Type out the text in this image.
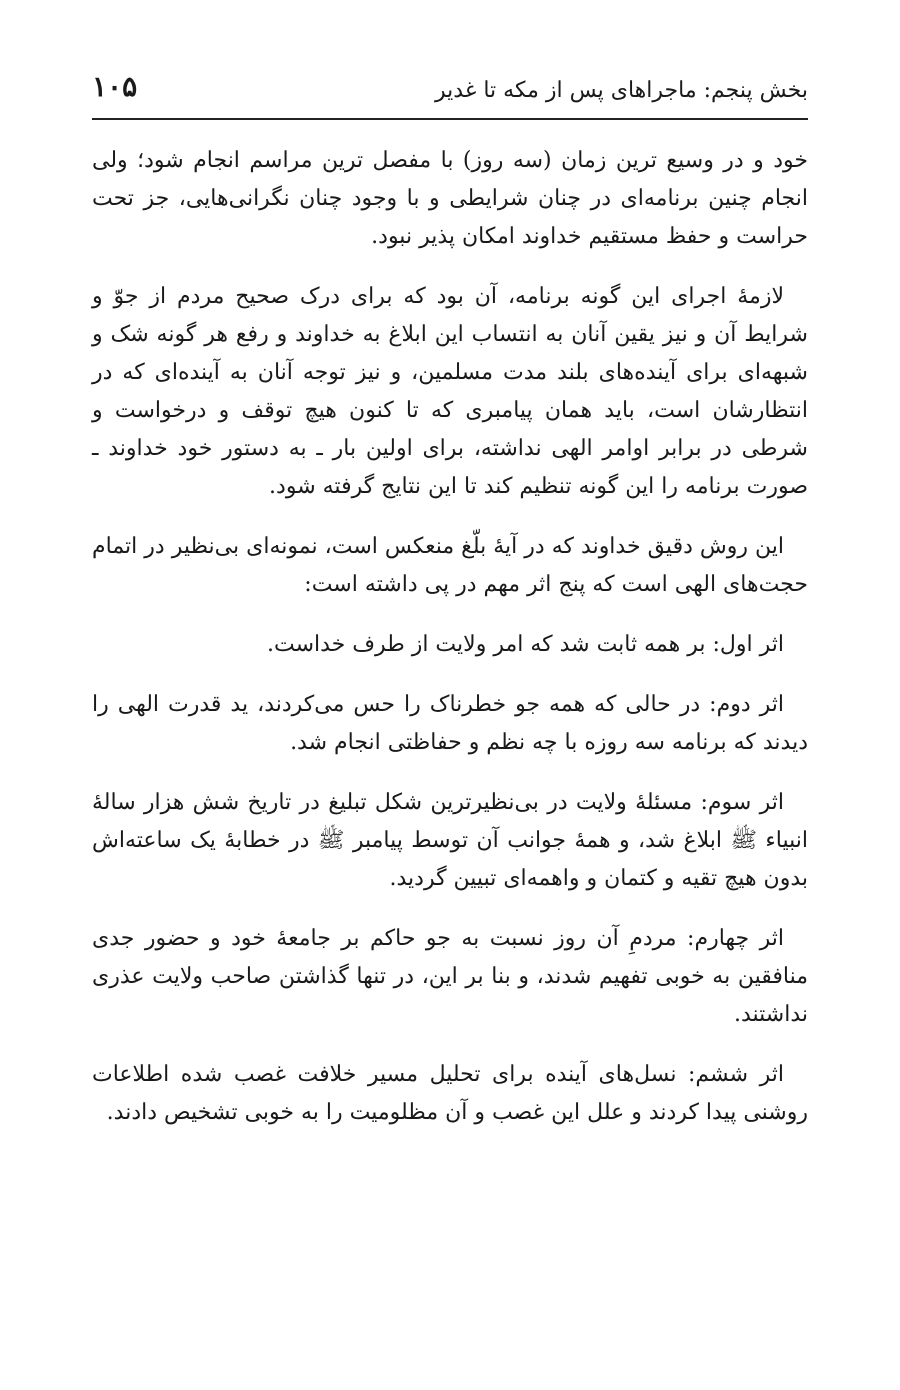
بخش پنجم: ماجراهای پس از مکه تا غدیر
۱۰۵

خود و در وسیع ترین زمان (سه روز) با مفصل ترین مراسم انجام شود؛ ولی انجام چنین برنامه‌ای در چنان شرایطی و با وجود چنان نگرانی‌هایی، جز تحت حراست و حفظ مستقیم خداوند امکان پذیر نبود.

لازمهٔ اجرای این گونه برنامه، آن بود که برای درک صحیح مردم از جوّ و شرایط آن و نیز یقین آنان به انتساب این ابلاغ به خداوند و رفع هر گونه شک و شبهه‌ای برای آینده‌های بلند مدت مسلمین، و نیز توجه آنان به آینده‌ای که در انتظارشان است، باید همان پیامبری که تا کنون هیچ توقف و درخواست و شرطی در برابر اوامر الهی نداشته، برای اولین بار ـ به دستور خود خداوند ـ صورت برنامه را این گونه تنظیم کند تا این نتایج گرفته شود.

این روش دقیق خداوند که در آیهٔ بلّغ منعکس است، نمونه‌ای بی‌نظیر در اتمام حجت‌های الهی است که پنج اثر مهم در پی داشته است:

اثر اول: بر همه ثابت شد که امر ولایت از طرف خداست.

اثر دوم: در حالی که همه جو خطرناک را حس می‌کردند، ید قدرت الهی را دیدند که برنامه سه روزه با چه نظم و حفاظتی انجام شد.

اثر سوم: مسئلهٔ ولایت در بی‌نظیرترین شکل تبلیغ در تاریخ شش هزار سالهٔ انبیاء ﷺ ابلاغ شد، و همهٔ جوانب آن توسط پیامبر ﷺ در خطابهٔ یک ساعته‌اش بدون هیچ تقیه و کتمان و واهمه‌ای تبیین گردید.

اثر چهارم: مردمِ آن روز نسبت به جو حاکم بر جامعهٔ خود و حضور جدی منافقین به خوبی تفهیم شدند، و بنا بر این، در تنها گذاشتن صاحب ولایت عذری نداشتند.

اثر ششم: نسل‌های آینده برای تحلیل مسیر خلافت غصب شده اطلاعات روشنی پیدا کردند و علل این غصب و آن مظلومیت را به خوبی تشخیص دادند.
